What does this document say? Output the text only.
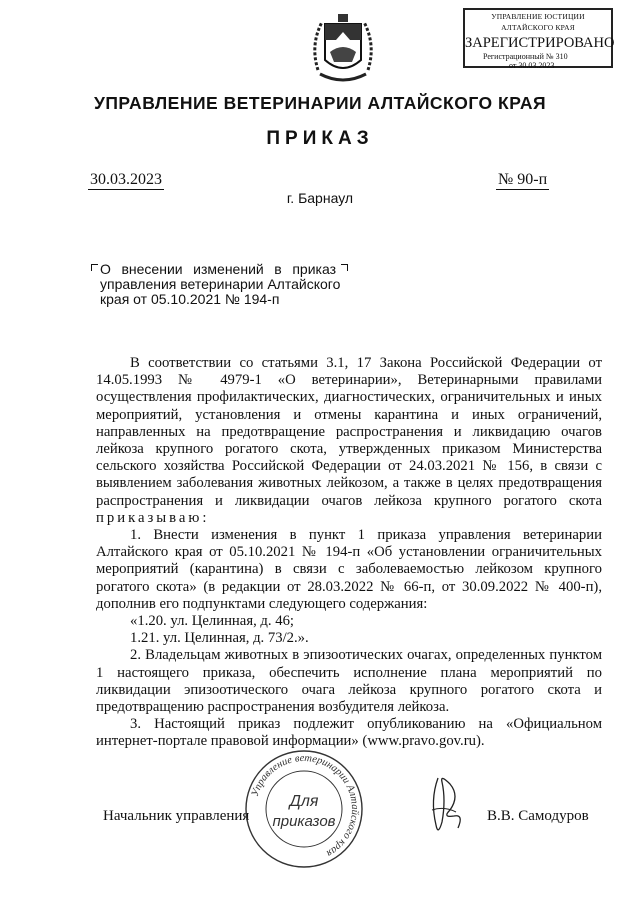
УПРАВЛЕНИЕ ЮСТИЦИИ
АЛТАЙСКОГО КРАЯ
ЗАРЕГИСТРИРОВАНО
Регистрационный № 310
от 30.03.2023
УПРАВЛЕНИЕ ВЕТЕРИНАРИИ АЛТАЙСКОГО КРАЯ
ПРИКАЗ
30.03.2023	№ 90-п
г. Барнаул
О внесении изменений в приказ
управления ветеринарии Алтайского
края от 05.10.2021 № 194-п

В соответствии со статьями 3.1, 17 Закона Российской Федерации от 14.05.1993 № 4979-1 «О ветеринарии», Ветеринарными правилами осуществления профилактических, диагностических, ограничительных и иных мероприятий, установления и отмены карантина и иных ограничений, направленных на предотвращение распространения и ликвидацию очагов лейкоза крупного рогатого скота, утвержденных приказом Министерства сельского хозяйства Российской Федерации от 24.03.2021 № 156, в связи с выявлением заболевания животных лейкозом, а также в целях предотвращения распространения и ликвидации очагов лейкоза крупного рогатого скота приказываю:

1. Внести изменения в пункт 1 приказа управления ветеринарии Алтайского края от 05.10.2021 № 194-п «Об установлении ограничительных мероприятий (карантина) в связи с заболеваемостью лейкозом крупного рогатого скота» (в редакции от 28.03.2022 № 66-п, от 30.09.2022 № 400-п), дополнив его подпунктами следующего содержания:

«1.20. ул. Целинная, д. 46;

1.21. ул. Целинная, д. 73/2.».

2. Владельцам животных в эпизоотических очагах, определенных пунктом 1 настоящего приказа, обеспечить исполнение плана мероприятий по ликвидации эпизоотического очага лейкоза крупного рогатого скота и предотвращению распространения возбудителя лейкоза.

3. Настоящий приказ подлежит опубликованию на «Официальном интернет-портале правовой информации» (www.pravo.gov.ru).

Начальник управления
Управление ветеринарии Алтайского края
Для
приказов	В.В. Самодуров
